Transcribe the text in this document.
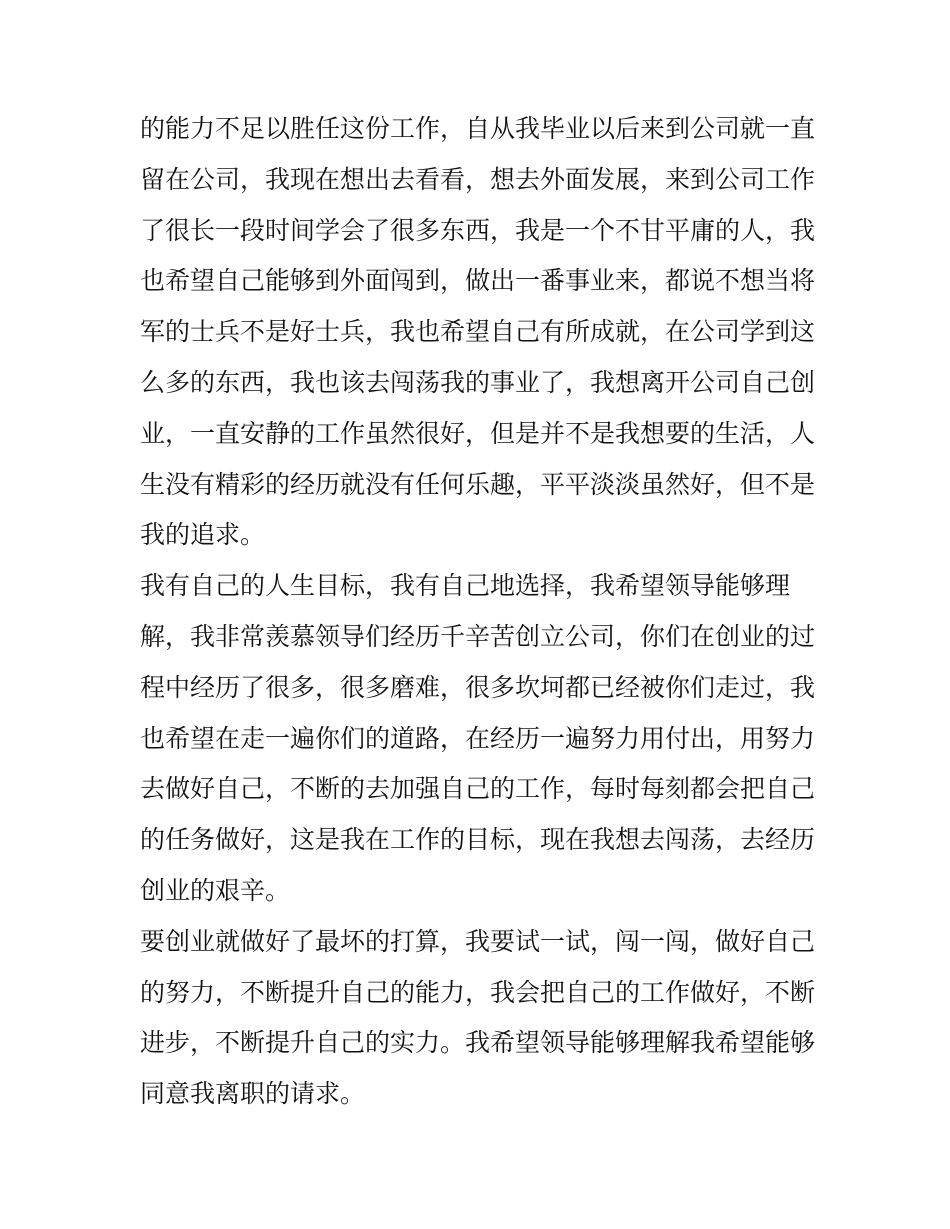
的能力不足以胜任这份工作，自从我毕业以后来到公司就一直
留在公司，我现在想出去看看，想去外面发展，来到公司工作
了很长一段时间学会了很多东西，我是一个不甘平庸的人，我
也希望自己能够到外面闯到，做出一番事业来，都说不想当将
军的士兵不是好士兵，我也希望自己有所成就，在公司学到这
么多的东西，我也该去闯荡我的事业了，我想离开公司自己创
业，一直安静的工作虽然很好，但是并不是我想要的生活，人
生没有精彩的经历就没有任何乐趣，平平淡淡虽然好，但不是
我的追求。
我有自己的人生目标，我有自己地选择，我希望领导能够理
解，我非常羡慕领导们经历千辛苦创立公司，你们在创业的过
程中经历了很多，很多磨难，很多坎坷都已经被你们走过，我
也希望在走一遍你们的道路，在经历一遍努力用付出，用努力
去做好自己，不断的去加强自己的工作，每时每刻都会把自己
的任务做好，这是我在工作的目标，现在我想去闯荡，去经历
创业的艰辛。
要创业就做好了最坏的打算，我要试一试，闯一闯，做好自己
的努力，不断提升自己的能力，我会把自己的工作做好，不断
进步，不断提升自己的实力。我希望领导能够理解我希望能够
同意我离职的请求。
